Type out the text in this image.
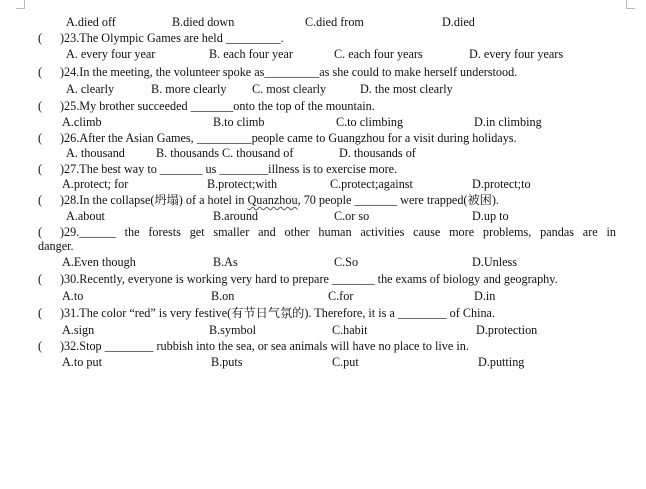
A.died off	B.died down	C.died from	D.died
( )23.The Olympic Games are held _________.
A. every four year	B. each four year	C. each four years	D. every four years
( )24.In the meeting, the volunteer spoke as_________as she could to make herself understood.
A. clearly	B. more clearly C. most clearly	D. the most clearly
( )25.My brother succeeded _______onto the top of the mountain.
A.climb	B.to climb	C.to climbing	D.in climbing
( )26.After the Asian Games, _________people came to Guangzhou for a visit during holidays.
A. thousand	B. thousands C. thousand of	D. thousands of
( )27.The best way to _______ us ________illness is to exercise more.
A.protect; for	B.protect;with	C.protect;against	D.protect;to
( )28.In the collapse(坍塌) of a hotel in Quanzhou, 70 people _______ were trapped(被困).
A.about	B.around	C.or so	D.up to
( )29.______ the forests get smaller and other human activities cause more problems, pandas are in
danger.
A.Even though	B.As	C.So	D.Unless
( )30.Recently, everyone is working very hard to prepare _______ the exams of biology and geography.
A.to	B.on	C.for	D.in
( )31.The color “red” is very festive(有节日气氛的). Therefore, it is a ________ of China.
A.sign	B.symbol	C.habit	D.protection
( )32.Stop ________ rubbish into the sea, or sea animals will have no place to live in.
A.to put	B.puts	C.put	D.putting
